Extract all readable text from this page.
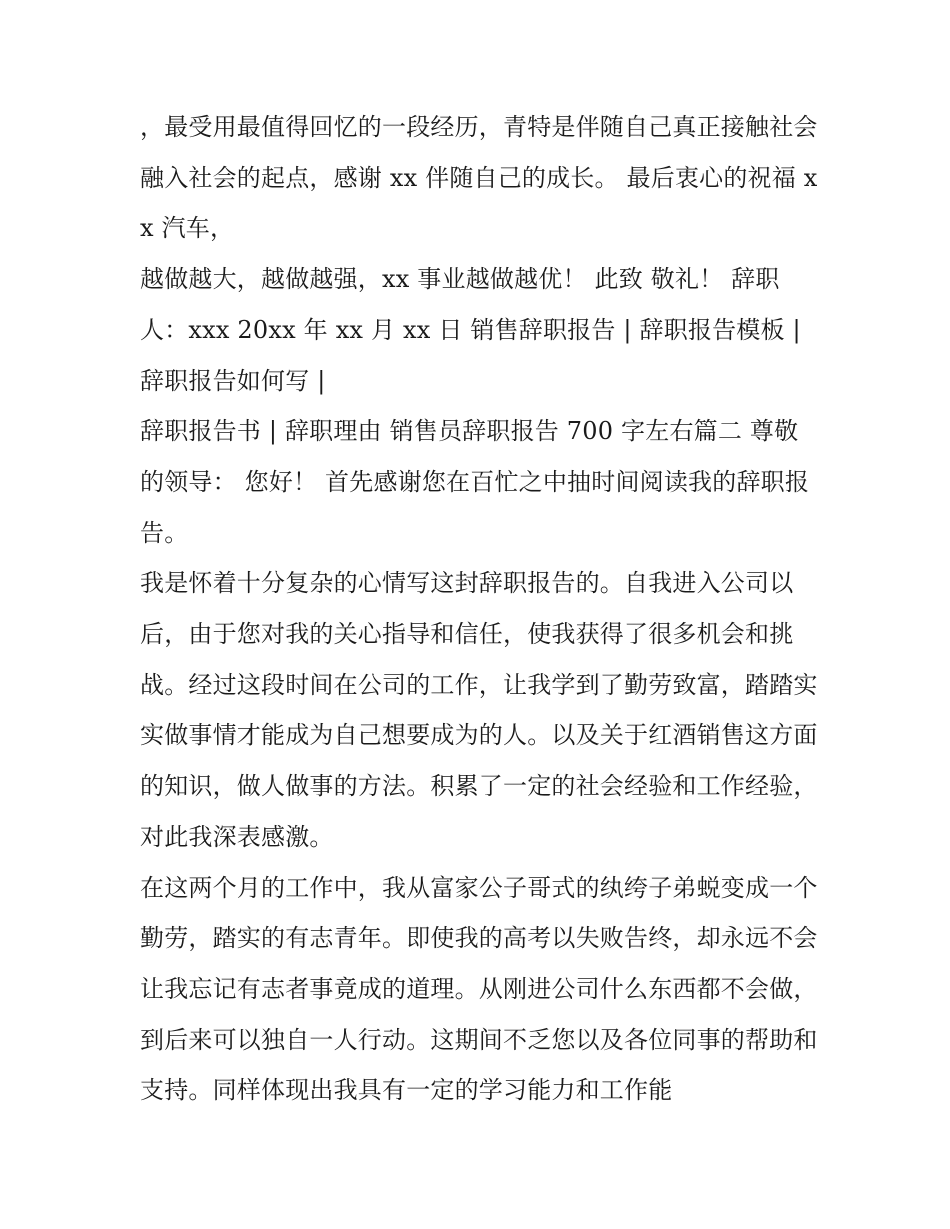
，最受用最值得回忆的一段经历，青特是伴随自己真正接触社会融入社会的起点，感谢 xx 伴随自己的成长。 最后衷心的祝福 xx 汽车，

越做越大，越做越强，xx 事业越做越优！ 此致 敬礼！ 辞职人：xxx 20xx 年 xx 月 xx 日 销售辞职报告 | 辞职报告模板 | 辞职报告如何写 |

辞职报告书 | 辞职理由 销售员辞职报告 700 字左右篇二 尊敬的领导： 您好！ 首先感谢您在百忙之中抽时间阅读我的辞职报告。

我是怀着十分复杂的心情写这封辞职报告的。自我进入公司以后，由于您对我的关心指导和信任，使我获得了很多机会和挑战。经过这段时间在公司的工作，让我学到了勤劳致富，踏踏实实做事情才能成为自己想要成为的人。以及关于红酒销售这方面的知识，做人做事的方法。积累了一定的社会经验和工作经验，对此我深表感激。

在这两个月的工作中，我从富家公子哥式的纨绔子弟蜕变成一个勤劳，踏实的有志青年。即使我的高考以失败告终，却永远不会让我忘记有志者事竟成的道理。从刚进公司什么东西都不会做，到后来可以独自一人行动。这期间不乏您以及各位同事的帮助和支持。同样体现出我具有一定的学习能力和工作能
